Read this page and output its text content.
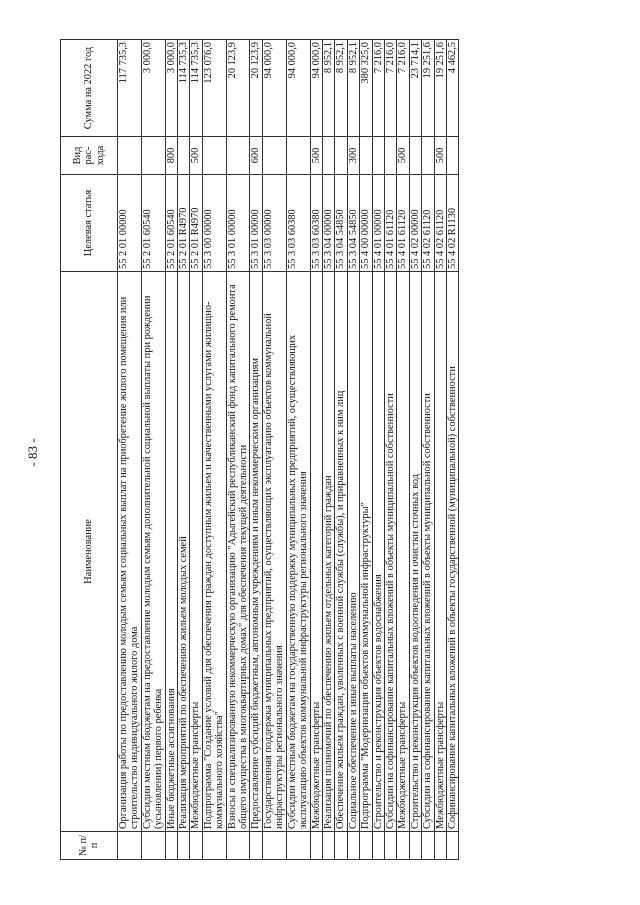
- 83 -
№ п/п	Наименование	Целевая статья	Вид рас-хода	Сумма на 2022 год
	Организация работы по предоставлению молодым семьям социальных выплат на приобретение жилого помещения или строительство индивидуального жилого дома	55 2 01 00000		117 735,3
	Субсидии местным бюджетам на предоставление молодым семьям дополнительной социальной выплаты при рождении (усыновлении) первого ребенка	55 2 01 60540		3 000,0
	Иные бюджетные ассигнования	55 2 01 60540	800	3 000,0
	Реализация мероприятий по обеспечению жильем молодых семей	55 2 01 R4970		114 735,3
	Межбюджетные трансферты	55 2 01 R4970	500	114 735,3
	Подпрограмма "Создание условий для обеспечения граждан доступным жильем и качественными услугами жилищно-коммунального хозяйства"	55 3 00 00000		123 076,0
	Взносы в специализированную некоммерческую организацию "Адыгейский республиканский фонд капитального ремонта общего имущества в многоквартирных домах" для обеспечения текущей деятельности	55 3 01 00000		20 123,9
	Предоставление субсидий бюджетным, автономным учреждениям и иным некоммерческим организациям	55 3 01 00000	600	20 123,9
	Государственная поддержка муниципальных предприятий, осуществляющих эксплуатацию объектов коммунальной инфраструктуры регионального значения	55 3 03 00000		94 000,0
	Субсидии местным бюджетам на государственную поддержку муниципальных предприятий, осуществляющих эксплуатацию объектов коммунальной инфраструктуры регионального значения	55 3 03 60380		94 000,0
	Межбюджетные трансферты	55 3 03 60380	500	94 000,0
	Реализация полномочий по обеспечению жильем отдельных категорий граждан	55 3 04 00000		8 952,1
	Обеспечение жильем граждан, уволенных с военной службы (службы), и приравненных к ним лиц	55 3 04 54850		8 952,1
	Социальное обеспечение и иные выплаты населению	55 3 04 54850	300	8 952,1
	Подпрограмма "Модернизация объектов коммунальной инфраструктуры"	55 4 00 00000		380 325,0
	Строительство и реконструкция объектов водоснабжения	55 4 01 00000		7 216,0
	Субсидии на софинансирование капитальных вложений в объекты муниципальной собственности	55 4 01 61120		7 216,0
	Межбюджетные трансферты	55 4 01 61120	500	7 216,0
	Строительство и реконструкция объектов водоотведения и очистки сточных вод	55 4 02 00000		23 714,1
	Субсидии на софинансирование капитальных вложений в объекты муниципальной собственности	55 4 02 61120		19 251,6
	Межбюджетные трансферты	55 4 02 61120	500	19 251,6
	Софинансирование капитальных вложений в объекты государственной (муниципальной) собственности	55 4 02 R1130		4 462,5
